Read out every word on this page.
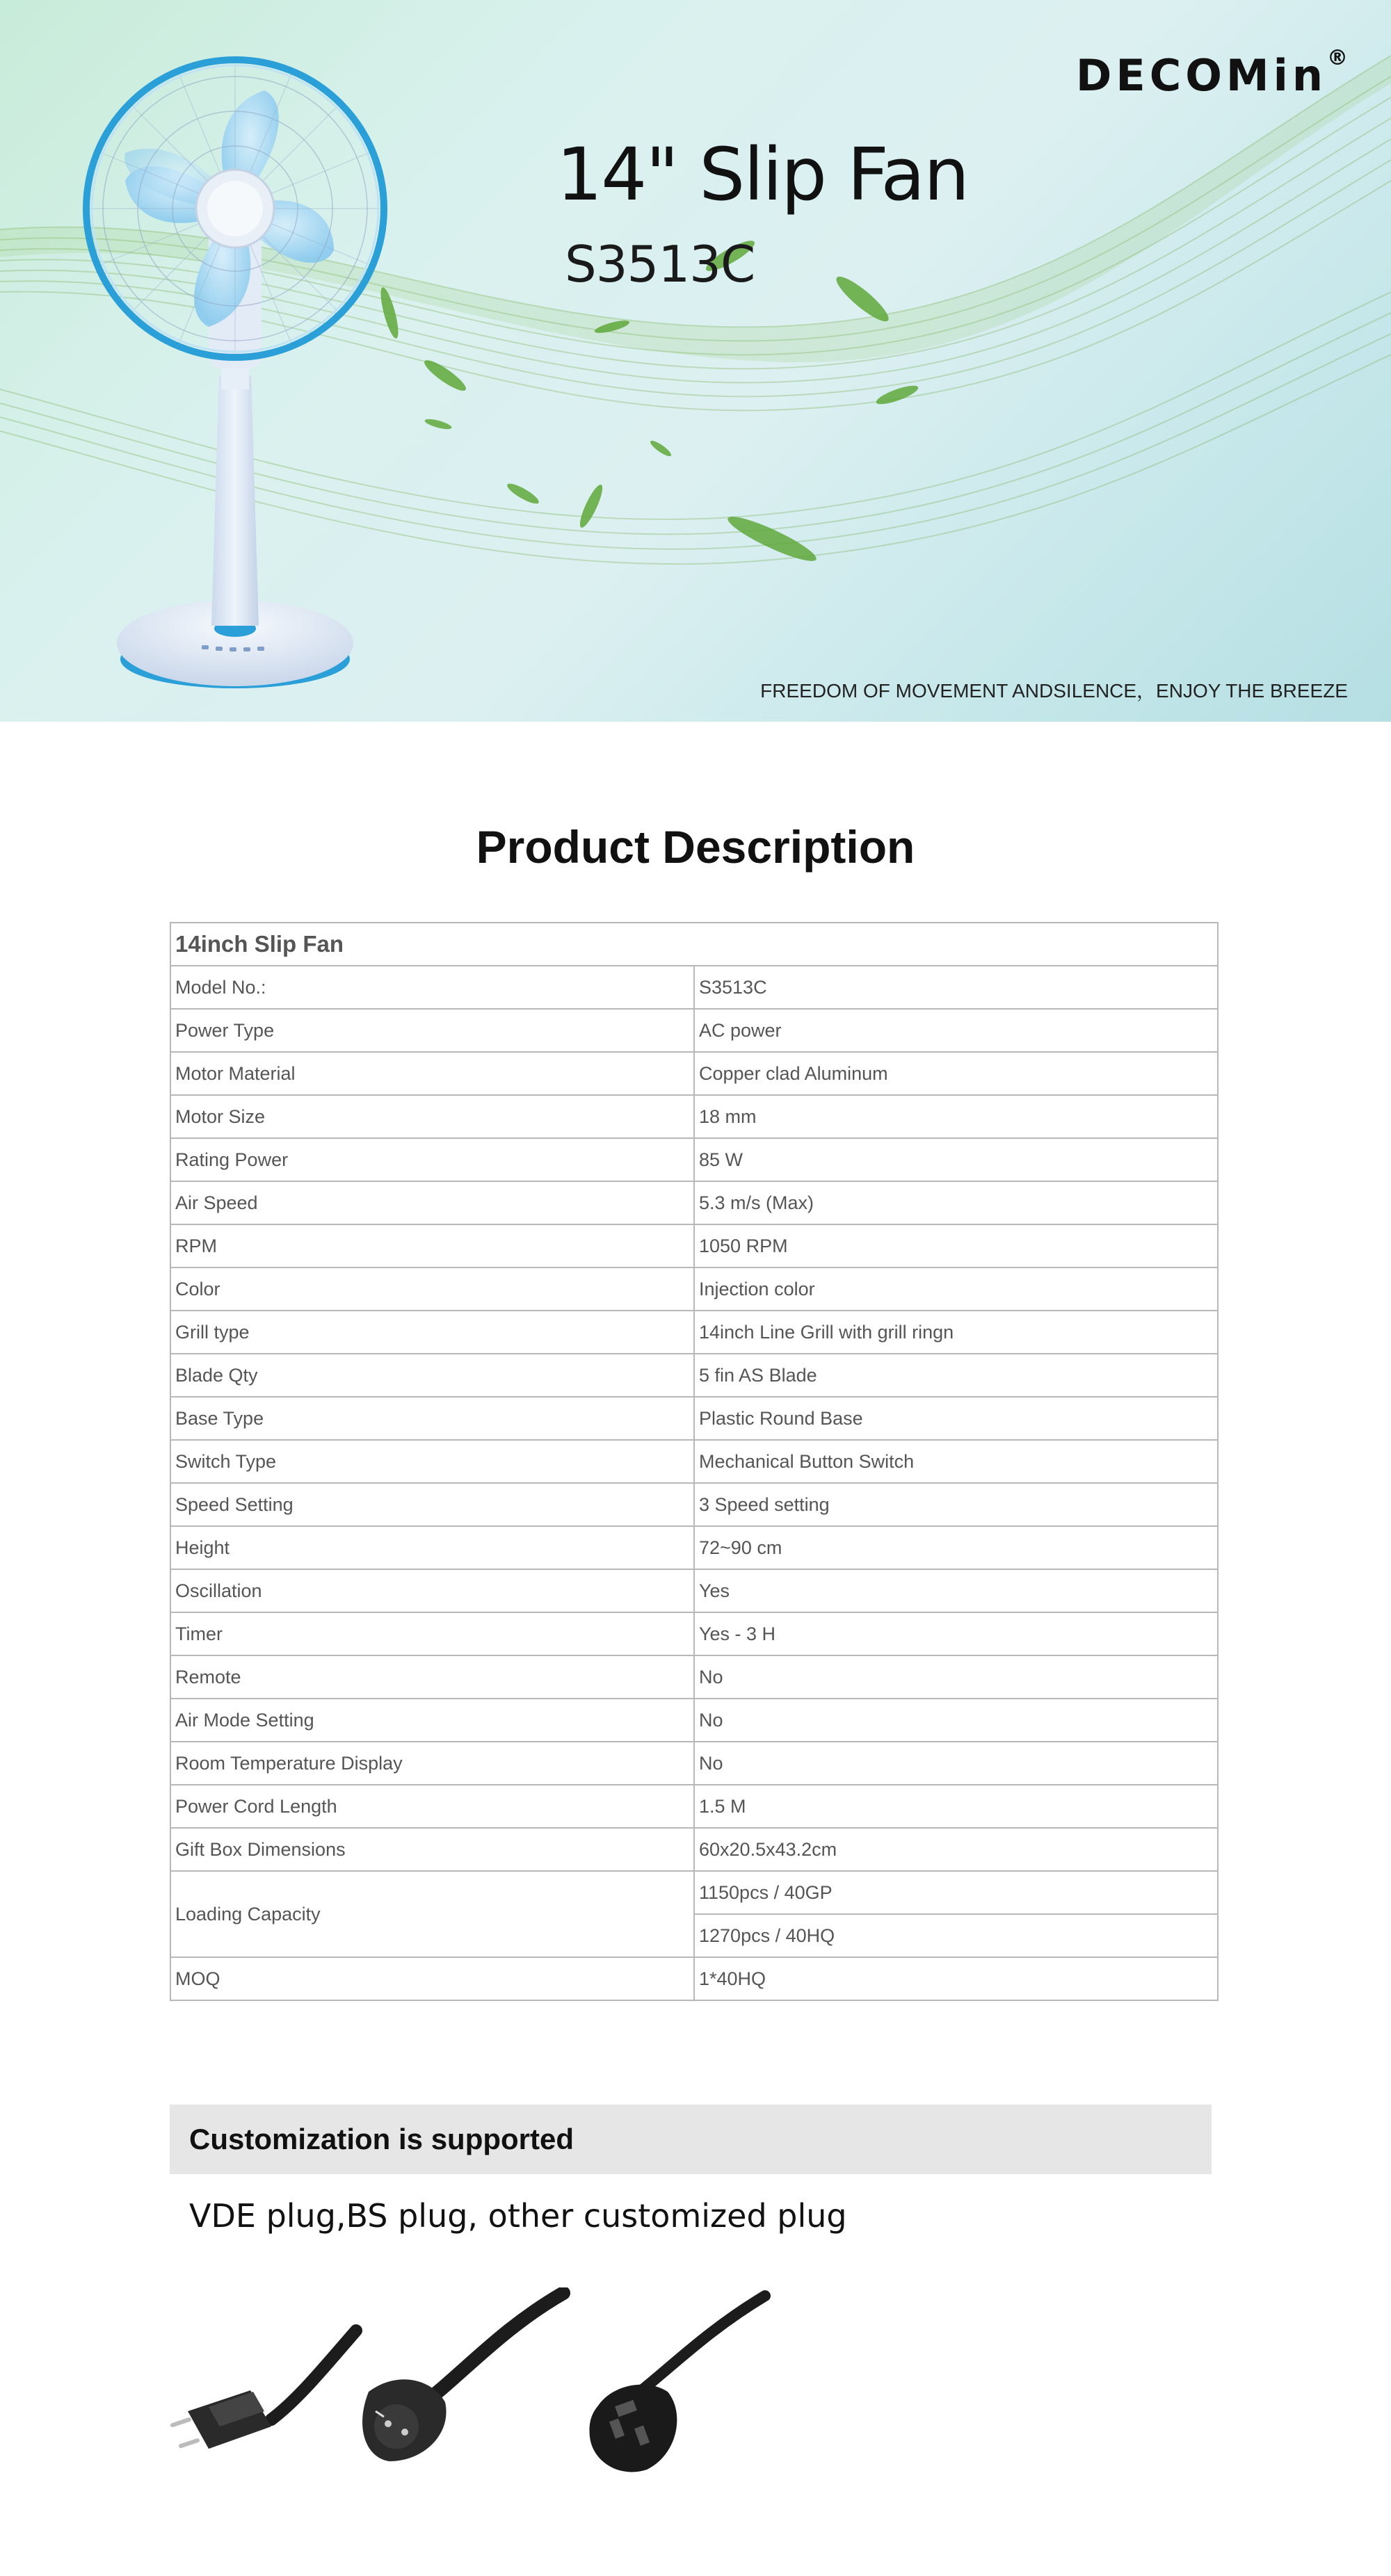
DECOMin®
14" Slip Fan
S3513C
FREEDOM OF MOVEMENT ANDSILENCE，ENJOY THE BREEZE
Product Description
14inch Slip Fan	
Model No.:	S3513C
Power Type	AC power
Motor Material	Copper clad Aluminum
Motor Size	18 mm
Rating Power	85 W
Air Speed	5.3 m/s (Max)
RPM	1050 RPM
Color	Injection color
Grill type	14inch Line Grill with grill ringn
Blade Qty	5 fin AS Blade
Base Type	Plastic Round Base
Switch Type	Mechanical Button Switch
Speed Setting	3 Speed setting
Height	72~90 cm
Oscillation	Yes
Timer	Yes - 3 H
Remote	No
Air Mode Setting	No
Room Temperature Display	No
Power Cord Length	1.5 M
Gift Box Dimensions	60x20.5x43.2cm
Loading Capacity	1150pcs / 40GP
	1270pcs / 40HQ
MOQ	1*40HQ
Customization is supported
VDE plug,BS plug, other customized plug
